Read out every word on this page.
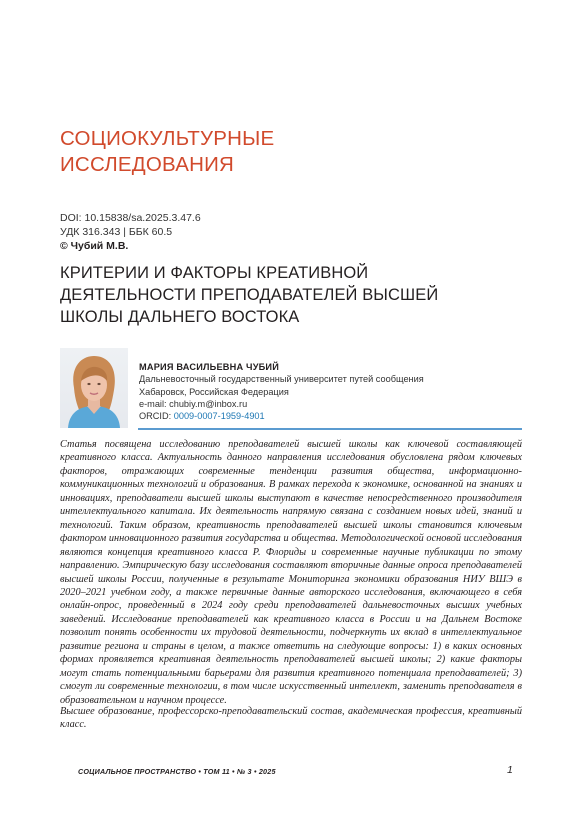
СОЦИОКУЛЬТУРНЫЕ
ИССЛЕДОВАНИЯ
DOI: 10.15838/sa.2025.3.47.6
УДК 316.343 | ББК 60.5
© Чубий М.В.
КРИТЕРИИ И ФАКТОРЫ КРЕАТИВНОЙ
ДЕЯТЕЛЬНОСТИ ПРЕПОДАВАТЕЛЕЙ ВЫСШЕЙ
ШКОЛЫ ДАЛЬНЕГО ВОСТОКА
МАРИЯ ВАСИЛЬЕВНА ЧУБИЙ
Дальневосточный государственный университет путей сообщения
Хабаровск, Российская Федерация
e-mail: chubiy.m@inbox.ru
ORCID: 0009-0007-1959-4901
Статья посвящена исследованию преподавателей высшей школы как ключевой составляющей креативного класса. Актуальность данного направления исследования обусловлена рядом ключевых факторов, отражающих современные тенденции развития общества, информационно-коммуникационных технологий и образования. В рамках перехода к экономике, основанной на знаниях и инновациях, преподаватели высшей школы выступают в качестве непосредственного производителя интеллектуального капитала. Их деятельность напрямую связана с созданием новых идей, знаний и технологий. Таким образом, креативность преподавателей высшей школы становится ключевым фактором инновационного развития государства и общества. Методологической основой исследования являются концепция креативного класса Р. Флориды и современные научные публикации по этому направлению. Эмпирическую базу исследования составляют вторичные данные опроса преподавателей высшей школы России, полученные в результате Мониторинга экономики образования НИУ ВШЭ в 2020–2021 учебном году, а также первичные данные авторского исследования, включающего в себя онлайн-опрос, проведенный в 2024 году среди преподавателей дальневосточных высших учебных заведений. Исследование преподавателей как креативного класса в России и на Дальнем Востоке позволит понять особенности их трудовой деятельности, подчеркнуть их вклад в интеллектуальное развитие региона и страны в целом, а также ответить на следующие вопросы: 1) в каких основных формах проявляется креативная деятельность преподавателей высшей школы; 2) какие факторы могут стать потенциальными барьерами для развития креативного потенциала преподавателей; 3) смогут ли современные технологии, в том числе искусственный интеллект, заменить преподавателя в образовательном и научном процессе.
Высшее образование, профессорско-преподавательский состав, академическая профессия, креативный класс.
СОЦИАЛЬНОЕ ПРОСТРАНСТВО • ТОМ 11 • № 3 • 2025	1
